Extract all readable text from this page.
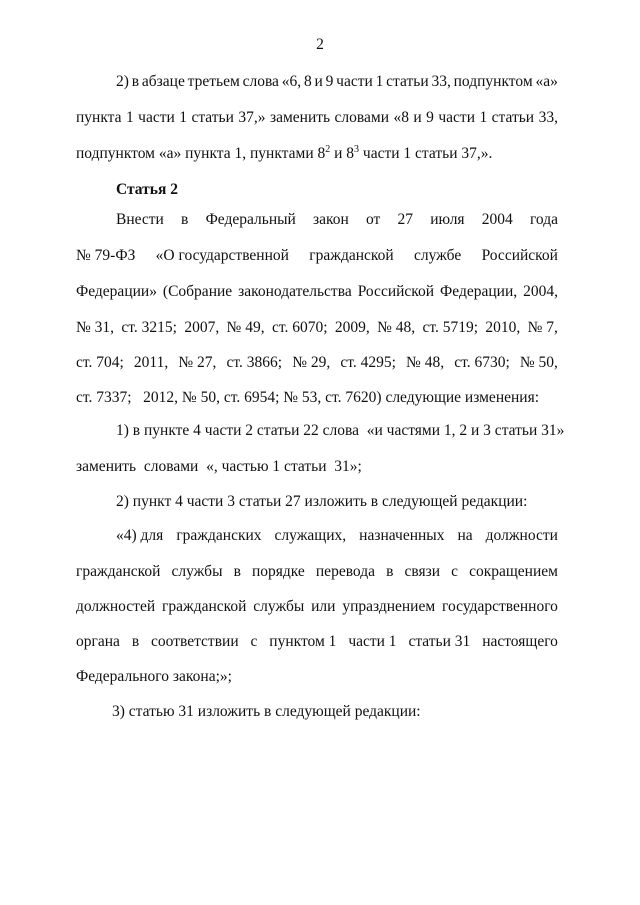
2
2) в абзаце третьем слова «6, 8 и 9 части 1 статьи 33, подпунктом «а»
пункта 1 части 1 статьи 37,» заменить словами «8 и 9 части 1 статьи 33,
подпунктом «а» пункта 1, пунктами $8^2$ и $8^3$ части 1 статьи 37,».
Статья 2
Внести в Федеральный закон от 27 июля 2004 года
№ 79-ФЗ «О государственной гражданской службе Российской
Федерации» (Собрание законодательства Российской Федерации, 2004,
№ 31, ст. 3215; 2007, № 49, ст. 6070; 2009, № 48, ст. 5719; 2010, № 7,
ст. 704; 2011, № 27, ст. 3866; № 29, ст. 4295; № 48, ст. 6730; № 50,
ст. 7337;   2012, № 50, ст. 6954; № 53, ст. 7620) следующие изменения:
1) в пункте 4 части 2 статьи 22 слова  «и частями 1, 2 и 3 статьи 31»
заменить  словами  «, частью 1 статьи  31»;
2) пункт 4 части 3 статьи 27 изложить в следующей редакции:
«4) для гражданских служащих, назначенных на должности
гражданской службы в порядке перевода в связи с сокращением
должностей гражданской службы или упразднением государственного
органа в соответствии с пунктом 1 части 1 статьи 31 настоящего
Федерального закона;»;
3) статью 31 изложить в следующей редакции:
